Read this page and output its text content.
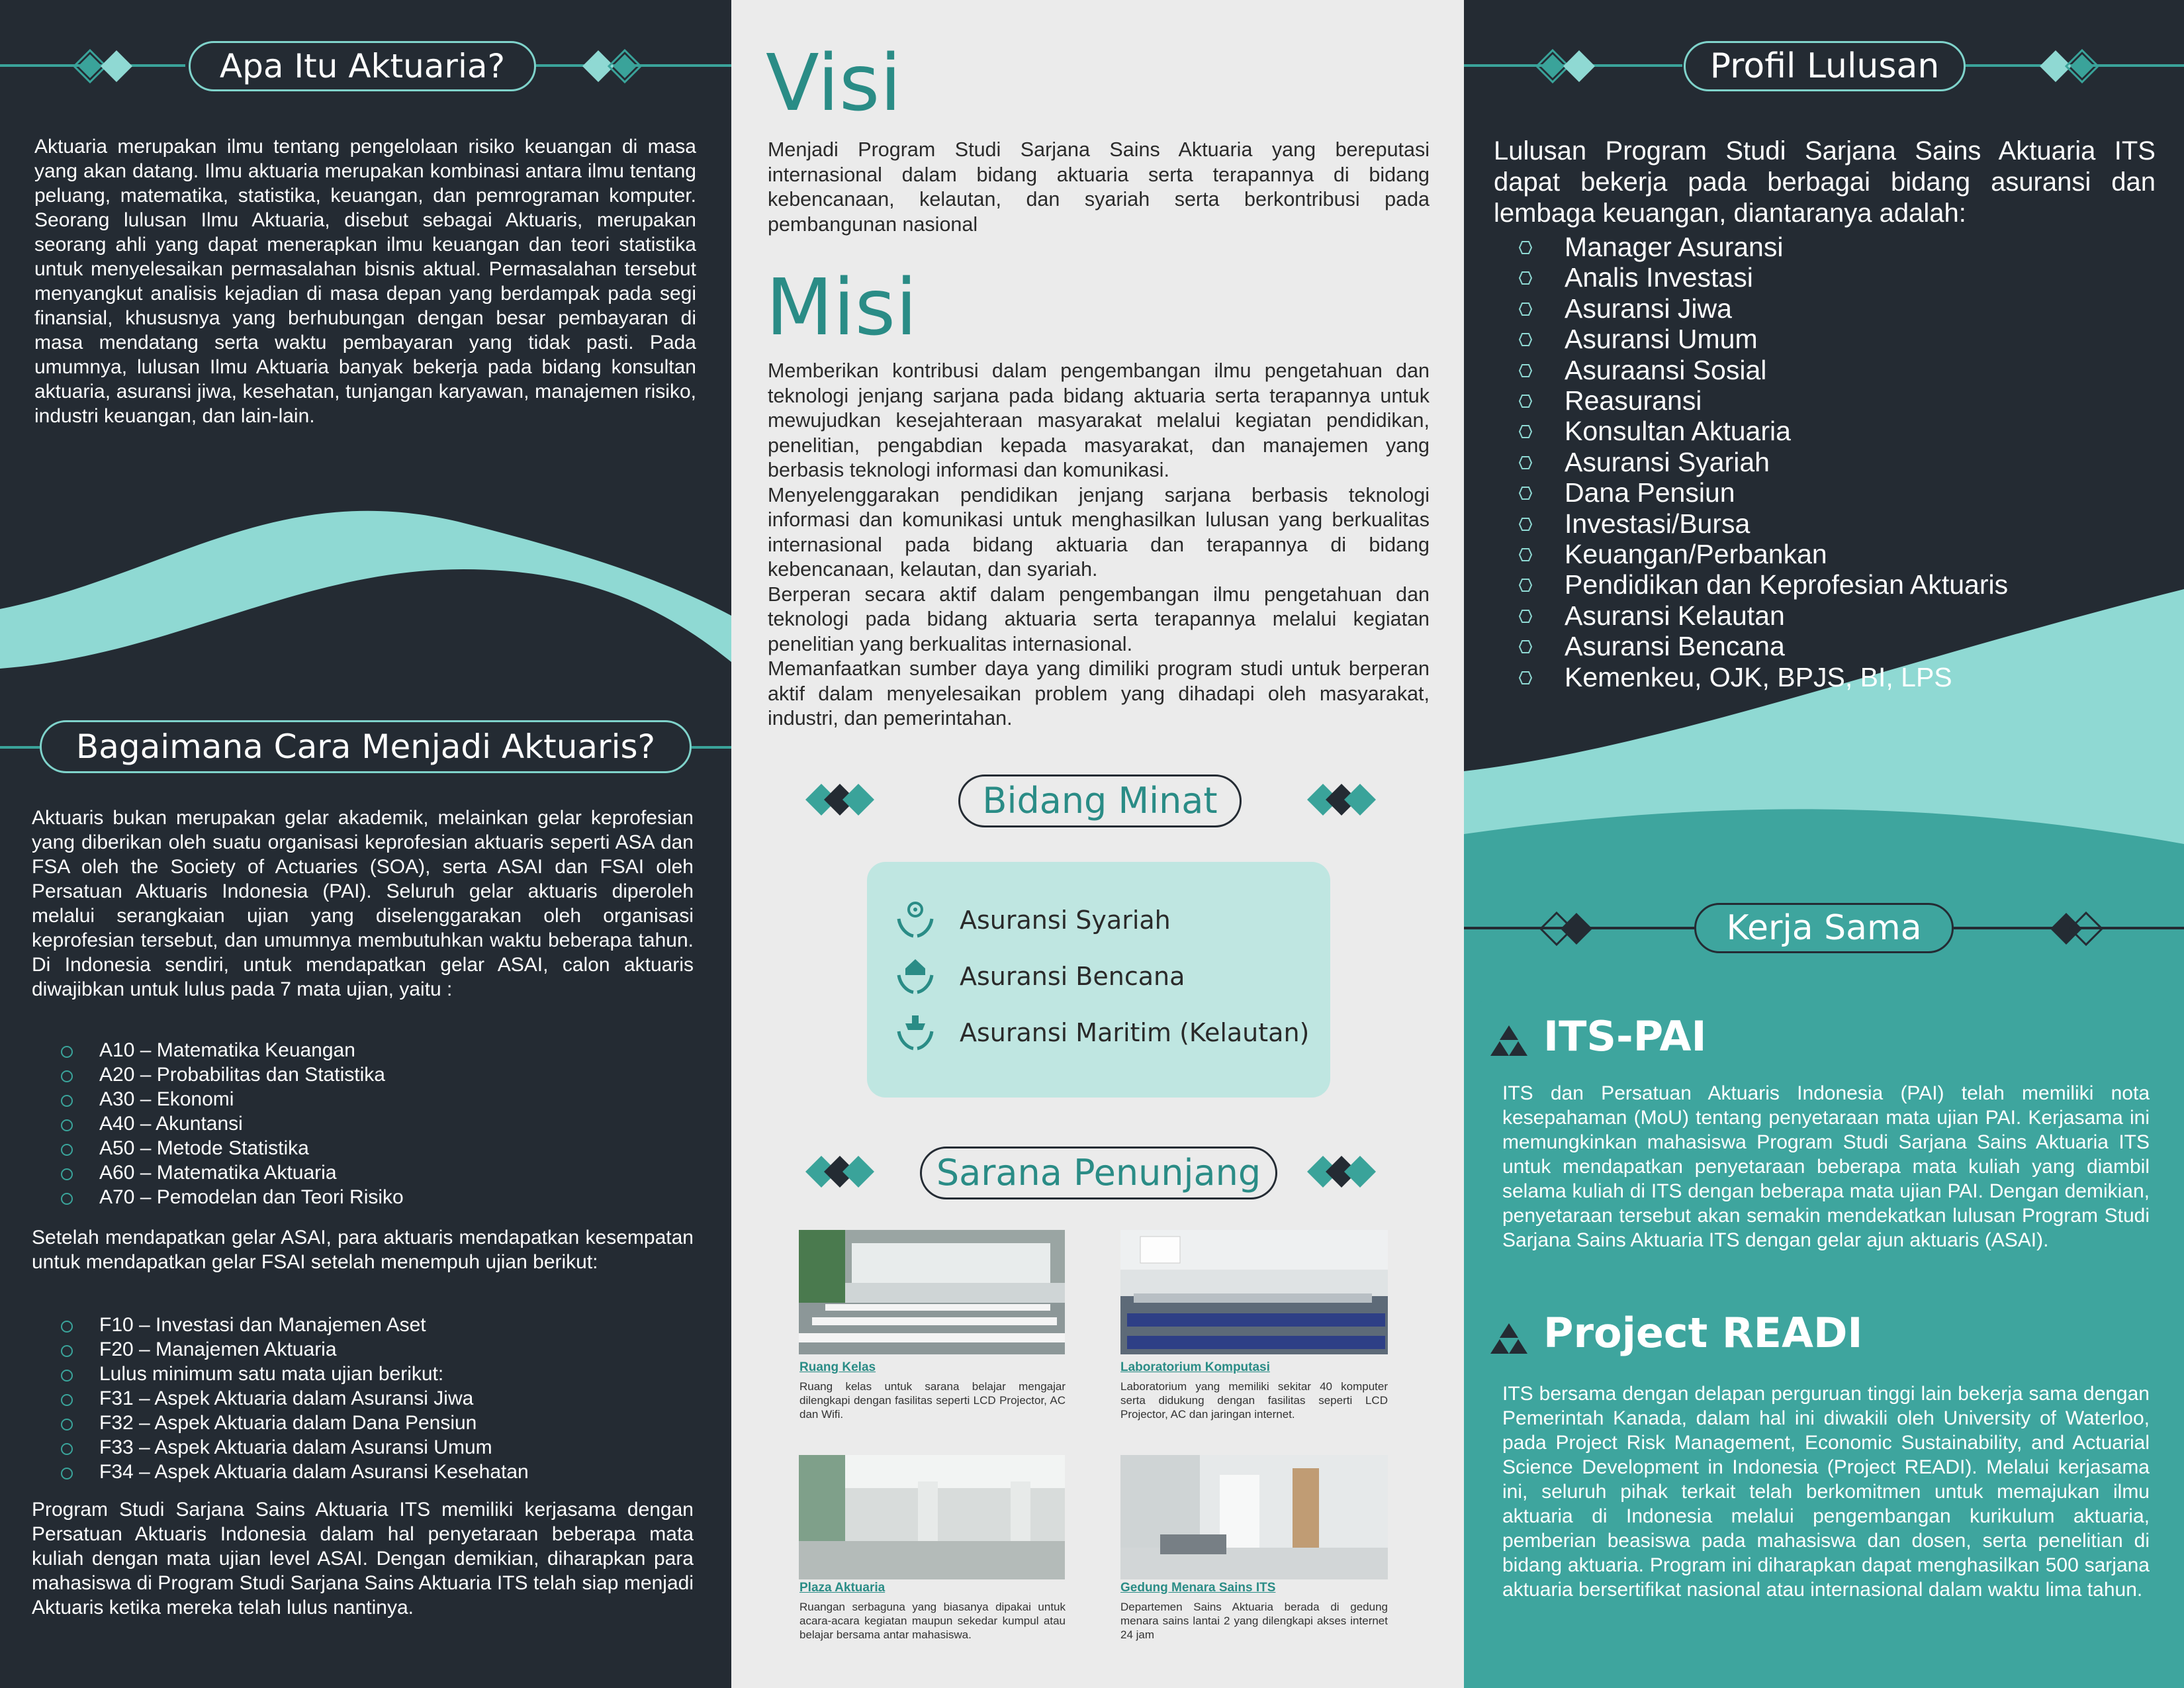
Apa Itu Aktuaria?

Aktuaria merupakan ilmu tentang pengelolaan risiko keuangan di masa yang akan datang. Ilmu aktuaria merupakan kombinasi antara ilmu tentang peluang, matematika, statistika, keuangan, dan pemrograman komputer. Seorang lulusan Ilmu Aktuaria, disebut sebagai Aktuaris, merupakan seorang ahli yang dapat menerapkan ilmu keuangan dan teori statistika untuk menyelesaikan permasalahan bisnis aktual. Permasalahan tersebut menyangkut analisis kejadian di masa depan yang berdampak pada segi finansial, khususnya yang berhubungan dengan besar pembayaran di masa mendatang serta waktu pembayaran yang tidak pasti. Pada umumnya, lulusan Ilmu Aktuaria banyak bekerja pada bidang konsultan aktuaria, asuransi jiwa, kesehatan, tunjangan karyawan, manajemen risiko, industri keuangan, dan lain-lain.

Bagaimana Cara Menjadi Aktuaris?

Aktuaris bukan merupakan gelar akademik, melainkan gelar keprofesian yang diberikan oleh suatu organisasi keprofesian aktuaris seperti ASA dan FSA oleh the Society of Actuaries (SOA), serta ASAI dan FSAI oleh Persatuan Aktuaris Indonesia (PAI). Seluruh gelar aktuaris diperoleh melalui serangkaian ujian yang diselenggarakan oleh organisasi keprofesian tersebut, dan umumnya membutuhkan waktu beberapa tahun. Di Indonesia sendiri, untuk mendapatkan gelar ASAI, calon aktuaris diwajibkan untuk lulus pada 7 mata ujian, yaitu :

A10 – Matematika Keuangan
A20 – Probabilitas dan Statistika
A30 – Ekonomi
A40 – Akuntansi
A50 – Metode Statistika
A60 – Matematika Aktuaria
A70 – Pemodelan dan Teori Risiko

Setelah mendapatkan gelar ASAI, para aktuaris mendapatkan kesempatan untuk mendapatkan gelar FSAI setelah menempuh ujian berikut:

F10 – Investasi dan Manajemen Aset
F20 – Manajemen Aktuaria
Lulus minimum satu mata ujian berikut:
F31 – Aspek Aktuaria dalam Asuransi Jiwa
F32 – Aspek Aktuaria dalam Dana Pensiun
F33 – Aspek Aktuaria dalam Asuransi Umum
F34 – Aspek Aktuaria dalam Asuransi Kesehatan

Program Studi Sarjana Sains Aktuaria ITS memiliki kerjasama dengan Persatuan Aktuaris Indonesia dalam hal penyetaraan beberapa mata kuliah dengan mata ujian level ASAI. Dengan demikian, diharapkan para mahasiswa di Program Studi Sarjana Sains Aktuaria ITS telah siap menjadi Aktuaris ketika mereka telah lulus nantinya.

Visi

Menjadi Program Studi Sarjana Sains Aktuaria yang bereputasi internasional dalam bidang aktuaria serta terapannya di bidang kebencanaan, kelautan, dan syariah serta berkontribusi pada pembangunan nasional

Misi

Memberikan kontribusi dalam pengembangan ilmu pengetahuan dan teknologi jenjang sarjana pada bidang aktuaria serta terapannya untuk mewujudkan kesejahteraan masyarakat melalui kegiatan pendidikan, penelitian, pengabdian kepada masyarakat, dan manajemen yang berbasis teknologi informasi dan komunikasi.

Menyelenggarakan pendidikan jenjang sarjana berbasis teknologi informasi dan komunikasi untuk menghasilkan lulusan yang berkualitas internasional pada bidang aktuaria dan terapannya di bidang kebencanaan, kelautan, dan syariah.

Berperan secara aktif dalam pengembangan ilmu pengetahuan dan teknologi pada bidang aktuaria serta terapannya melalui kegiatan penelitian yang berkualitas internasional.

Memanfaatkan sumber daya yang dimiliki program studi untuk berperan aktif dalam menyelesaikan problem yang dihadapi oleh masyarakat, industri, dan pemerintahan.

Bidang Minat
Asuransi Syariah
Asuransi Bencana
Asuransi Maritim (Kelautan)
Sarana Penunjang

Ruang Kelas

Ruang kelas untuk sarana belajar mengajar dilengkapi dengan fasilitas seperti LCD Projector, AC dan Wifi.

Laboratorium Komputasi

Laboratorium yang memiliki sekitar 40 komputer serta didukung dengan fasilitas seperti LCD Projector, AC dan jaringan internet.

Plaza Aktuaria

Ruangan serbaguna yang biasanya dipakai untuk acara-acara kegiatan maupun sekedar kumpul atau belajar bersama antar mahasiswa.

Gedung Menara Sains ITS

Departemen Sains Aktuaria berada di gedung menara sains lantai 2 yang dilengkapi akses internet 24 jam

Profil Lulusan

Lulusan Program Studi Sarjana Sains Aktuaria ITS dapat bekerja pada berbagai bidang asuransi dan lembaga keuangan, diantaranya adalah:

Manager Asuransi
Analis Investasi
Asuransi Jiwa
Asuransi Umum
Asuraansi Sosial
Reasuransi
Konsultan Aktuaria
Asuransi Syariah
Dana Pensiun
Investasi/Bursa
Keuangan/Perbankan
Pendidikan dan Keprofesian Aktuaris
Asuransi Kelautan
Asuransi Bencana
Kemenkeu, OJK, BPJS, BI, LPS
Kerja Sama
ITS-PAI

ITS dan Persatuan Aktuaris Indonesia (PAI) telah memiliki nota kesepahaman (MoU) tentang penyetaraan mata ujian PAI. Kerjasama ini memungkinkan mahasiswa Program Studi Sarjana Sains Aktuaria ITS untuk mendapatkan penyetaraan beberapa mata kuliah yang diambil selama kuliah di ITS dengan beberapa mata ujian PAI. Dengan demikian, penyetaraan tersebut akan semakin mendekatkan lulusan Program Studi Sarjana Sains Aktuaria ITS dengan gelar ajun aktuaris (ASAI).

Project READI

ITS bersama dengan delapan perguruan tinggi lain bekerja sama dengan Pemerintah Kanada, dalam hal ini diwakili oleh University of Waterloo, pada Project Risk Management, Economic Sustainability, and Actuarial Science Development in Indonesia (Project READI). Melalui kerjasama ini, seluruh pihak terkait telah berkomitmen untuk memajukan ilmu aktuaria di Indonesia melalui pengembangan kurikulum aktuaria, pemberian beasiswa pada mahasiswa dan dosen, serta penelitian di bidang aktuaria. Program ini diharapkan dapat menghasilkan 500 sarjana aktuaria bersertifikat nasional atau internasional dalam waktu lima tahun.
